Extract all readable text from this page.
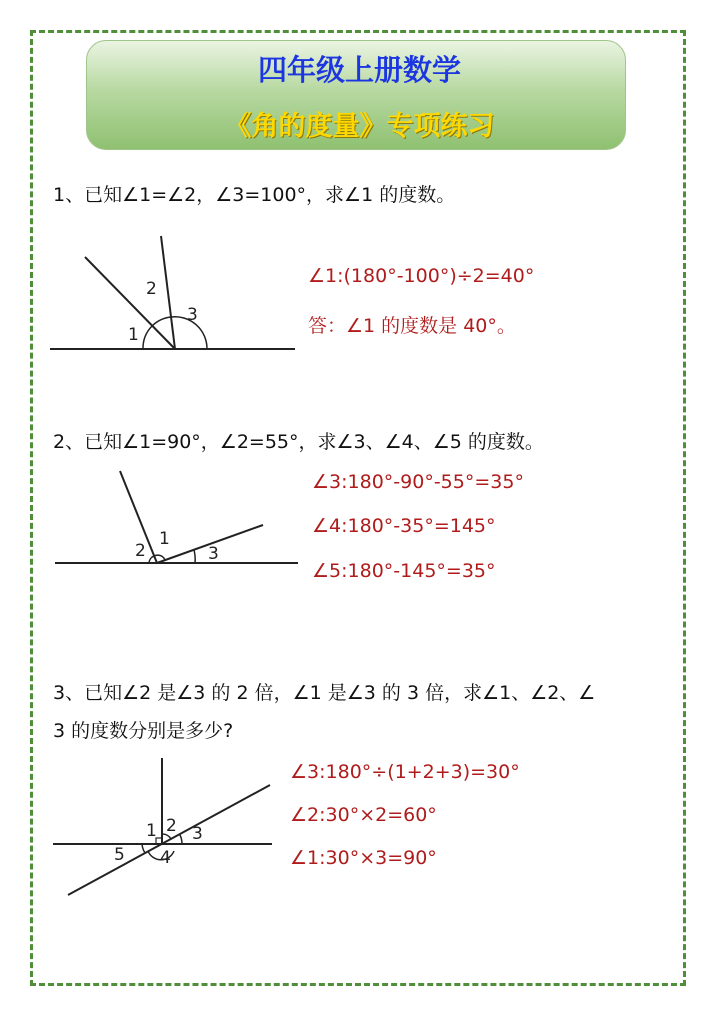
四年级上册数学
《角的度量》专项练习
1、已知∠1=∠2，∠3=100°，求∠1 的度数。
1
2
3
∠1:(180°-100°)÷2=40°
答：∠1 的度数是 40°。
2、已知∠1=90°，∠2=55°，求∠3、∠4、∠5 的度数。
1
2	3
∠3:180°-90°-55°=35°
∠4:180°-35°=145°
∠5:180°-145°=35°
3、已知∠2 是∠3 的 2 倍，∠1 是∠3 的 3 倍，求∠1、∠2、∠
3 的度数分别是多少?
1 2 3
4
5
∠3:180°÷(1+2+3)=30°
∠2:30°×2=60°
∠1:30°×3=90°
